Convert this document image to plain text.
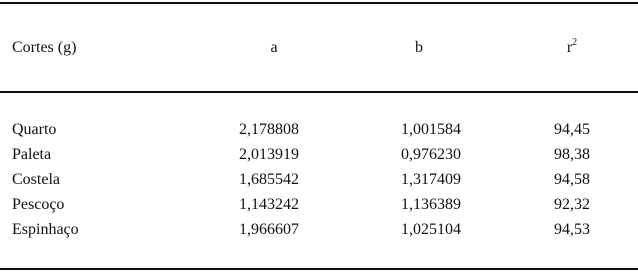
Cortes (g)	a	b	$r^2$
Quarto	2,178808	1,001584	94,45
Paleta	2,013919	0,976230	98,38
Costela	1,685542	1,317409	94,58
Pescoço	1,143242	1,136389	92,32
Espinhaço	1,966607	1,025104	94,53
